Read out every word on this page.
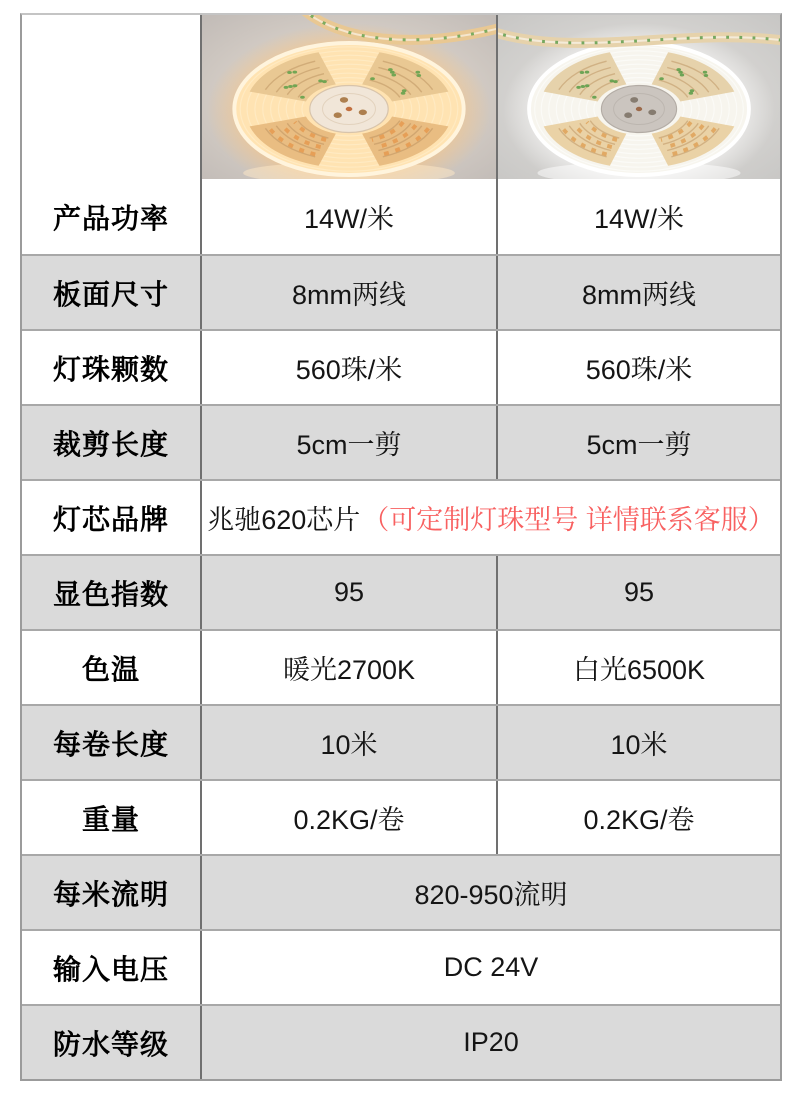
产品功率	14W/米	14W/米
板面尺寸	8mm两线	8mm两线
灯珠颗数	560珠/米	560珠/米
裁剪长度	5cm一剪	5cm一剪
灯芯品牌	兆驰620芯片 （可定制灯珠型号 详情联系客服）
显色指数	95	95
色温	暖光2700K	白光6500K
每卷长度	10米	10米
重量	0.2KG/卷	0.2KG/卷
每米流明	820-950流明
输入电压	DC 24V
防水等级	IP20
